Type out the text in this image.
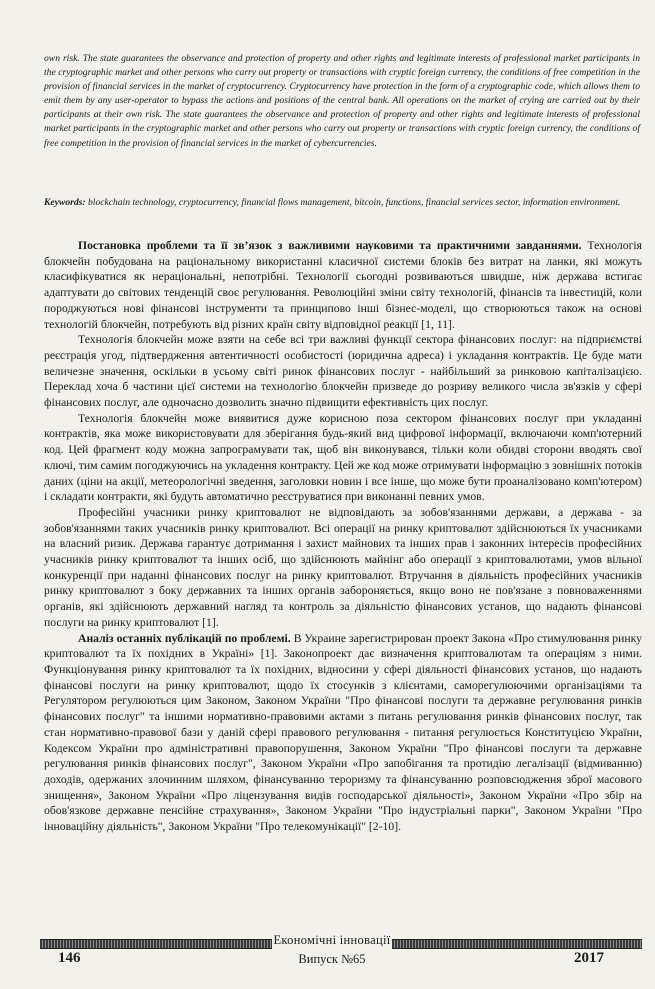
own risk. The state guarantees the observance and protection of property and other rights and legitimate interests of professional market participants in the cryptographic market and other persons who carry out property or transactions with cryptic foreign currency, the conditions of free competition in the provision of financial services in the market of cryptocurrency. Cryptocurrency have protection in the form of a cryptographic code, which allows them to emit them by any user-operator to bypass the actions and positions of the central bank. All operations on the market of crying are carried out by their participants at their own risk. The state guarantees the observance and protection of property and other rights and legitimate interests of professional market participants in the cryptographic market and other persons who carry out property or transactions with cryptic foreign currency, the conditions of free competition in the provision of financial services in the market of cybercurrencies.

Keywords: blockchain technology, cryptocurrency, financial flows management, bitcoin, functions, financial services sector, information environment.

Постановка проблеми та її зв’язок з важливими науковими та практичними завданнями. Технологія блокчейн побудована на раціональному використанні класичної системи блоків без витрат на ланки, які можуть класифікуватися як нераціональні, непотрібні. Технології сьогодні розвиваються швидше, ніж держава встигає адаптувати до світових тенденцій своє регулювання. Революційні зміни світу технологій, фінансів та інвестицій, коли породжуються нові фінансові інструменти та принципово інші бізнес-моделі, що створюються також на основі технологій блокчейн, потребують від різних країн світу відповідної реакції [1, 11].

Технологія блокчейн може взяти на себе всі три важливі функції сектора фінансових послуг: на підприємстві реєстрація угод, підтвердження автентичності особистості (юридична адреса) і укладання контрактів. Це буде мати величезне значення, оскільки в усьому світі ринок фінансових послуг - найбільший за ринковою капіталізацією. Переклад хоча б частини цієї системи на технологію блокчейн призведе до розриву великого числа зв'язків у сфері фінансових послуг, але одночасно дозволить значно підвищити ефективність цих послуг.

Технологія блокчейн може виявитися дуже корисною поза сектором фінансових послуг при укладанні контрактів, яка може використовувати для зберігання будь-який вид цифрової інформації, включаючи комп'ютерний код. Цей фрагмент коду можна запрограмувати так, щоб він виконувався, тільки коли обидві сторони вводять свої ключі, тим самим погоджуючись на укладення контракту. Цей же код може отримувати інформацію з зовнішніх потоків даних (ціни на акції, метеорологічні зведення, заголовки новин і все інше, що може бути проаналізовано комп'ютером) і складати контракти, які будуть автоматично реєструватися при виконанні певних умов.

Професійні учасники ринку криптовалют не відповідають за зобов'язаннями держави, а держава - за зобов'язаннями таких учасників ринку криптовалют. Всі операції на ринку криптовалют здійснюються їх учасниками на власний ризик. Держава гарантує дотримання і захист майнових та інших прав і законних інтересів професійних учасників ринку криптовалют та інших осіб, що здійснюють майнінг або операції з криптовалютами, умов вільної конкуренції при наданні фінансових послуг на ринку криптовалют. Втручання в діяльність професійних учасників ринку криптовалют з боку державних та інших органів забороняється, якщо воно не пов'язане з повноваженнями органів, які здійснюють державний нагляд та контроль за діяльністю фінансових установ, що надають фінансові послуги на ринку криптовалют [1].

Аналіз останніх публікацій по проблемі. В Украине зарегистрирован проект Закона «Про стимулювання ринку криптовалют та їх похідних в Україні» [1]. Законопроект дає визначення криптовалютам та операціям з ними. Функціонування ринку криптовалют та їх похідних, відносини у сфері діяльності фінансових установ, що надають фінансові послуги на ринку криптовалют, щодо їх стосунків з клієнтами, саморегулюючими організаціями та Регулятором регулюються цим Законом, Законом України "Про фінансові послуги та державне регулювання ринків фінансових послуг" та іншими нормативно-правовими актами з питань регулювання ринків фінансових послуг, так стан нормативно-правової бази у даній сфері правового регулювання - питання регулюється Конституцією України, Кодексом України про адміністративні правопорушення, Законом України "Про фінансові послуги та державне регулювання ринків фінансових послуг", Законом України «Про запобігання та протидію легалізації (відмиванню) доходів, одержаних злочинним шляхом, фінансуванню тероризму та фінансуванню розповсюдження зброї масового знищення», Законом України «Про ліцензування видів господарської діяльності», Законом України «Про збір на обов'язкове державне пенсійне страхування», Законом України "Про індустріальні парки", Законом України "Про інноваційну діяльність", Законом України "Про телекомунікації" [2-10].

Економічні інновації
Випуск №65
146	2017
